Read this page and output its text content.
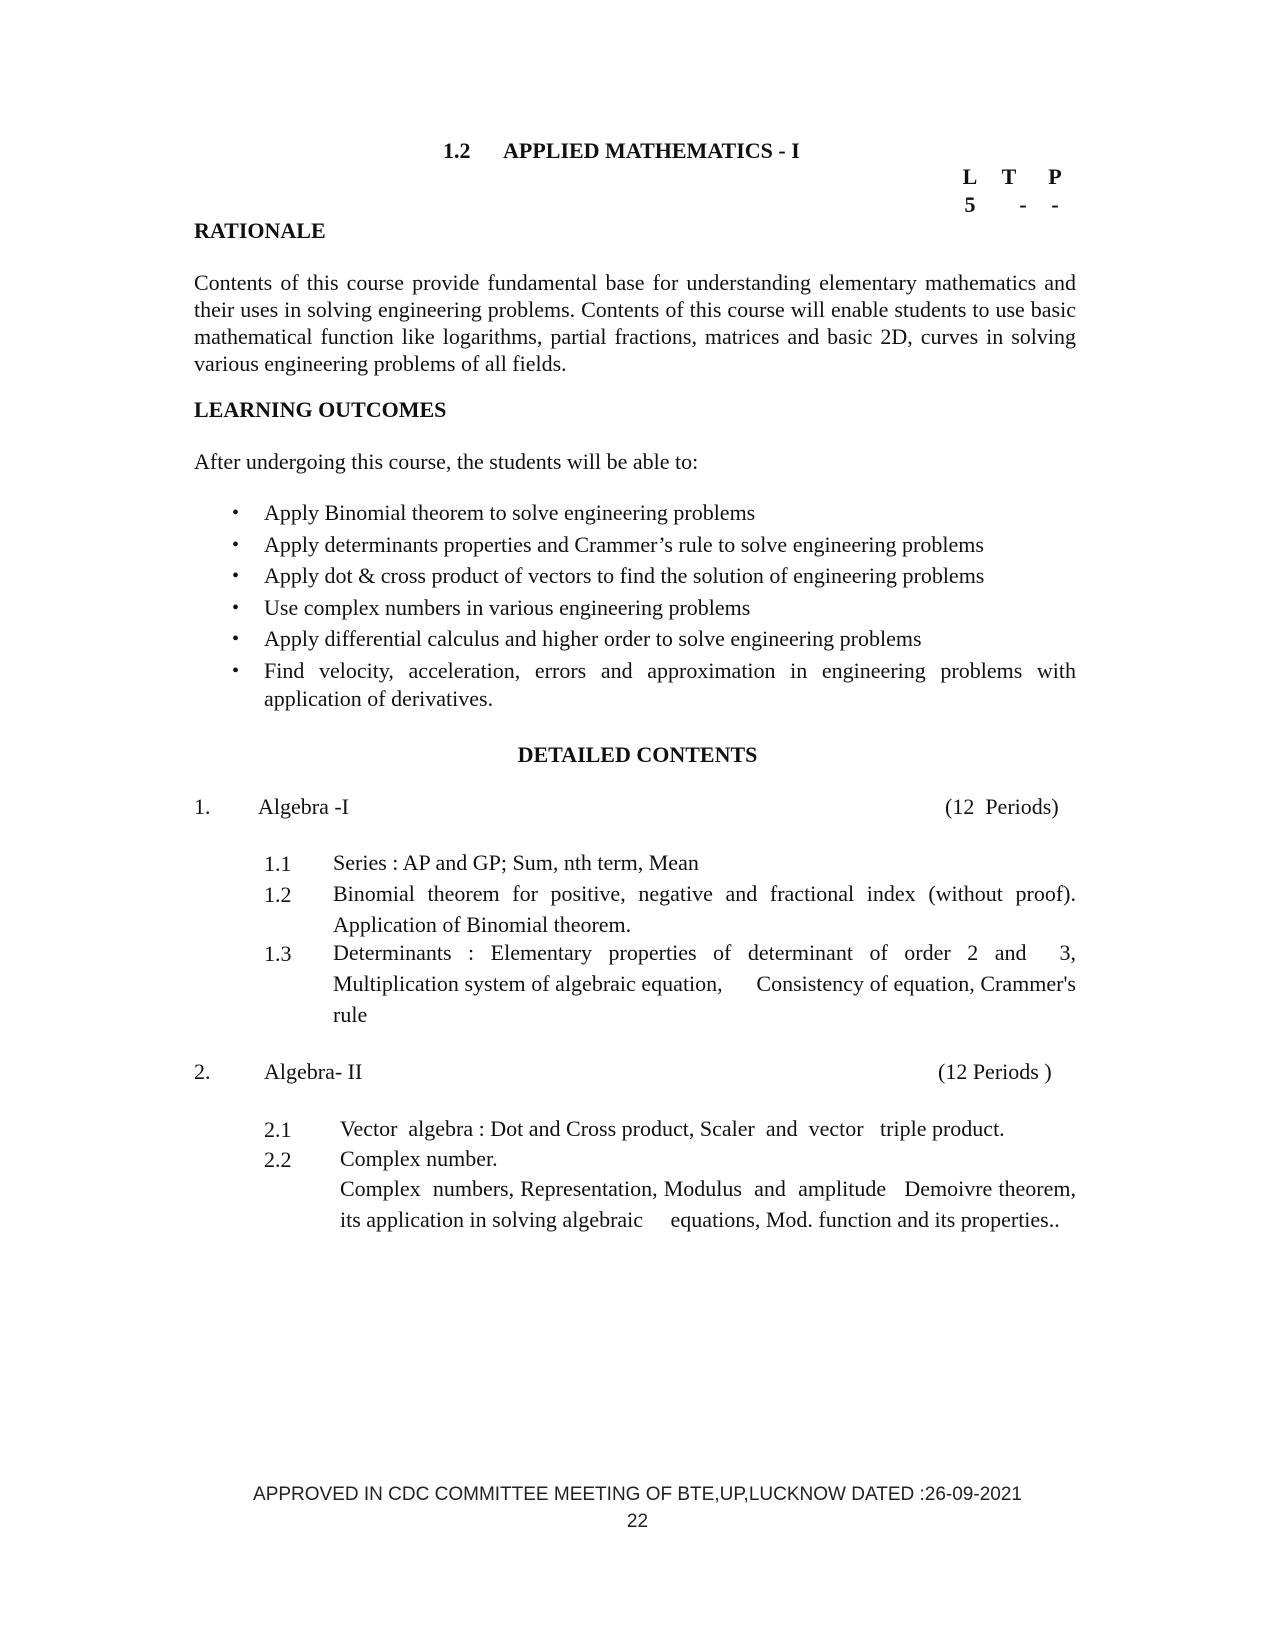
1.2 APPLIED MATHEMATICS - I
L T P
5 - -
RATIONALE
Contents of this course provide fundamental base for understanding elementary mathematics and their uses in solving engineering problems. Contents of this course will enable students to use basic mathematical function like logarithms, partial fractions, matrices and basic 2D, curves in solving various engineering problems of all fields.
LEARNING OUTCOMES
After undergoing this course, the students will be able to:
• Apply Binomial theorem to solve engineering problems
• Apply determinants properties and Crammer’s rule to solve engineering problems
• Apply dot & cross product of vectors to find the solution of engineering problems
• Use complex numbers in various engineering problems
• Apply differential calculus and higher order to solve engineering problems
• Find velocity, acceleration, errors and approximation in engineering problems with application of derivatives.
DETAILED CONTENTS
1. Algebra -I	(12  Periods)
1.1 Series : AP and GP; Sum, nth term, Mean
1.2 Binomial theorem for positive, negative and fractional index (without proof). Application of Binomial theorem.
1.3 Determinants : Elementary properties of determinant of order 2 and  3, Multiplication system of algebraic equation,      Consistency of equation, Crammer's rule
2. Algebra- II	(12 Periods )
2.1 Vector  algebra : Dot and Cross product, Scaler  and  vector   triple product.
2.2 Complex number.
Complex  numbers, Representation, Modulus  and  amplitude   Demoivre theorem, its application in solving algebraic     equations, Mod. function and its properties..
APPROVED IN CDC COMMITTEE MEETING OF BTE,UP,LUCKNOW DATED :26-09-2021
22
